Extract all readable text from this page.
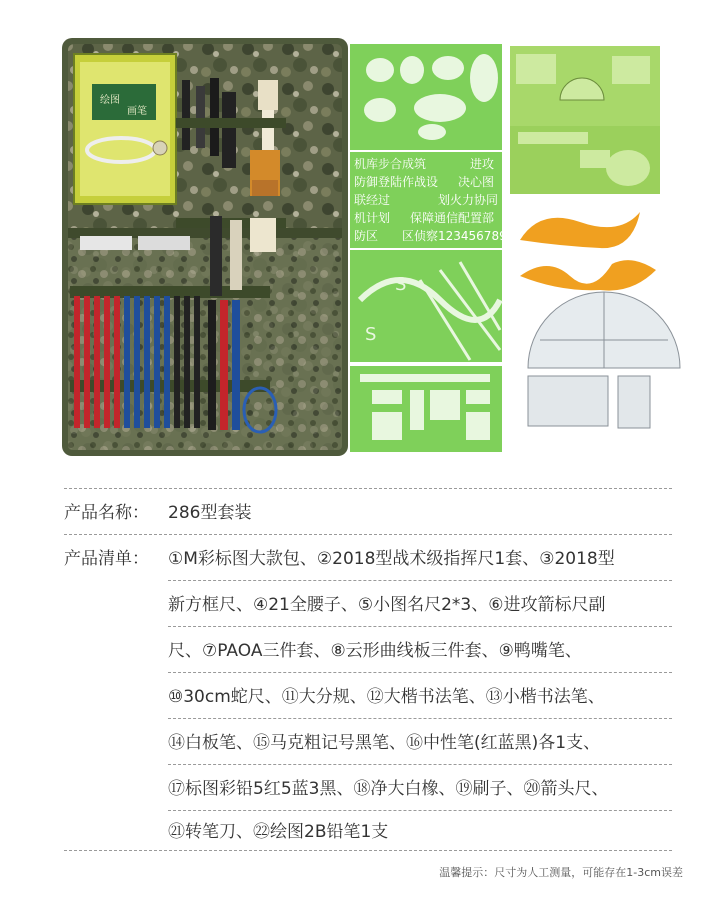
绘图
画笔
机库步合成筑	进攻
防御登陆作战设 决心图
联经过	划火力协同
机计划 保障通信配置部
防区 区侦察1234567890
S
S
产品名称： 286型套装
产品清单： ①M彩标图大款包、②2018型战术级指挥尺1套、③2018型
新方框尺、④21全腰子、⑤小图名尺2*3、⑥进攻箭标尺副
尺、⑦PAOA三件套、⑧云形曲线板三件套、⑨鸭嘴笔、
⑩30cm蛇尺、⑪大分规、⑫大楷书法笔、⑬小楷书法笔、
⑭白板笔、⑮马克粗记号黑笔、⑯中性笔(红蓝黑)各1支、
⑰标图彩铅5红5蓝3黑、⑱净大白橡、⑲刷子、⑳箭头尺、
㉑转笔刀、㉒绘图2B铅笔1支
温馨提示：尺寸为人工测量，可能存在1-3cm误差
